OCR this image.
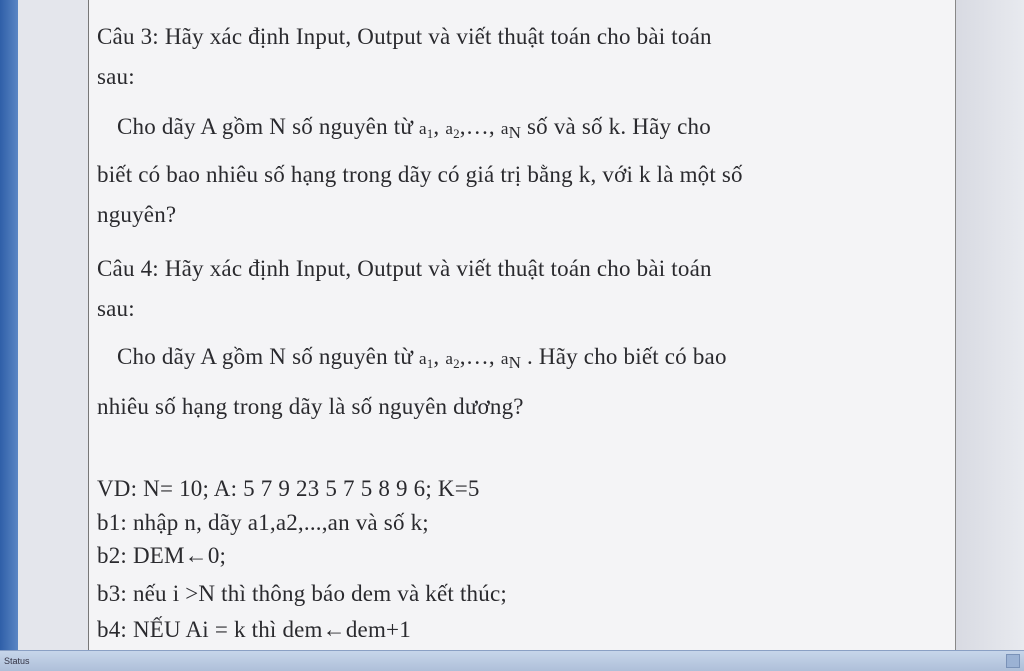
Câu 3: Hãy xác định Input, Output và viết thuật toán cho bài toán
sau:
Cho dãy A gồm N số nguyên từ $a_1$, $a_2,\dots$, $a_N$ số và số k. Hãy cho
biết có bao nhiêu số hạng trong dãy có giá trị bằng k, với k là một số
nguyên?
Câu 4: Hãy xác định Input, Output và viết thuật toán cho bài toán
sau:
Cho dãy A gồm N số nguyên từ $a_1$, $a_2,\dots$, $a_N$ . Hãy cho biết có bao
nhiêu số hạng trong dãy là số nguyên dương?
VD: N= 10; A: 5 7 9 23 5 7 5 8 9 6; K=5
b1: nhập n, dãy a1,a2,...,an và số k;
b2: DEM←0;
b3: nếu i >N thì thông báo dem và kết thúc;
b4: NẾU Ai = k thì dem←dem+1
Status
